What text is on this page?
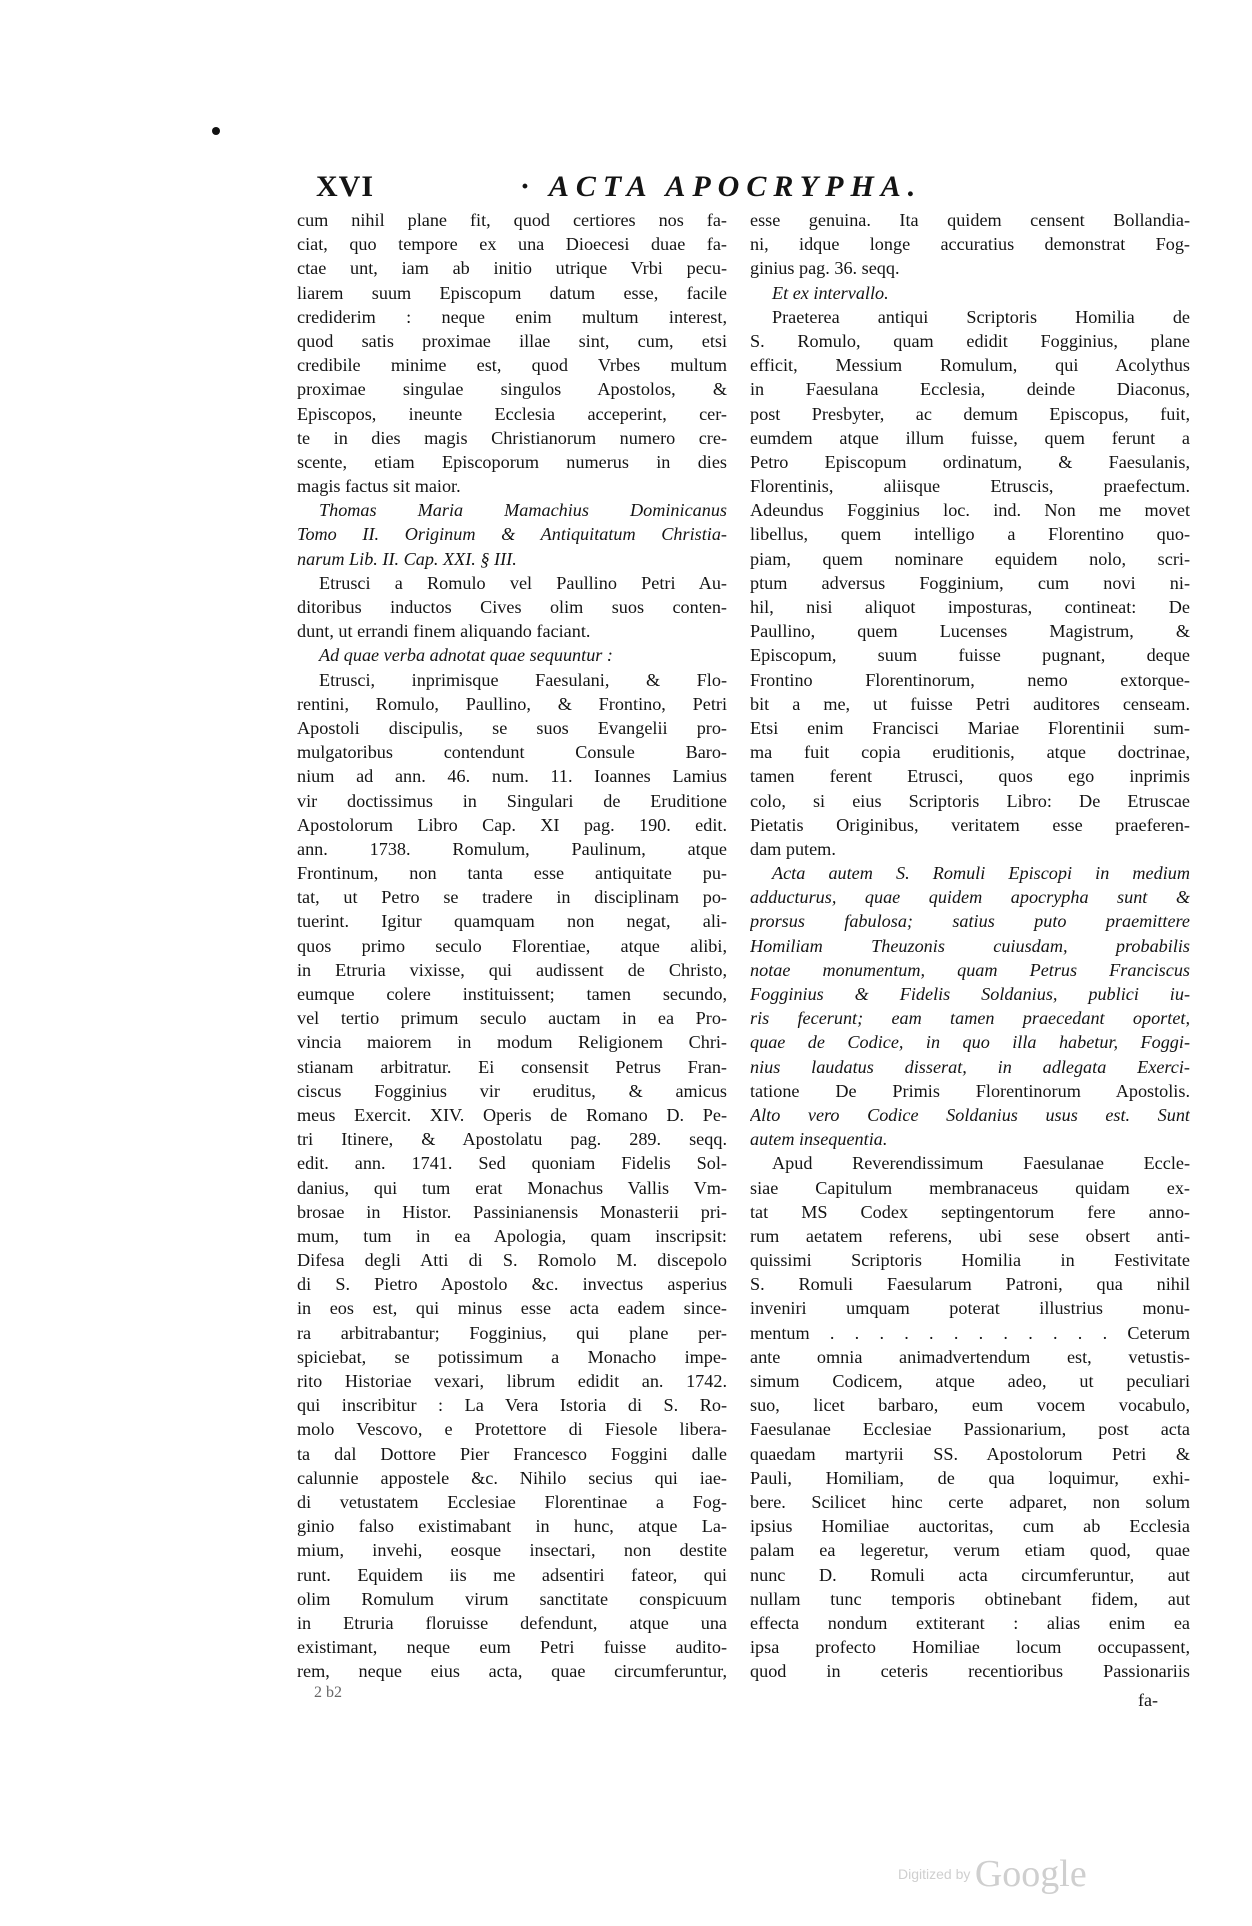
XVI	· ACTA APOCRYPHA.
cum nihil plane fit, quod certiores nos fa-
ciat, quo tempore ex una Dioecesi duae fa-
ctae unt, iam ab initio utrique Vrbi pecu-
liarem suum Episcopum datum esse, facile
crediderim : neque enim multum interest,
quod satis proximae illae sint, cum, etsi
credibile minime est, quod Vrbes multum
proximae singulae singulos Apostolos, &
Episcopos, ineunte Ecclesia acceperint, cer-
te in dies magis Christianorum numero cre-
scente, etiam Episcoporum numerus in dies
magis factus sit maior.
Thomas Maria Mamachius Dominicanus
Tomo II. Originum & Antiquitatum Christia-
narum Lib. II. Cap. XXI. § III.
Etrusci a Romulo vel Paullino Petri Au-
ditoribus inductos Cives olim suos conten-
dunt, ut errandi finem aliquando faciant.
Ad quae verba adnotat quae sequuntur :
Etrusci, inprimisque Faesulani, & Flo-
rentini, Romulo, Paullino, & Frontino, Petri
Apostoli discipulis, se suos Evangelii pro-
mulgatoribus contendunt Consule Baro-
nium ad ann. 46. num. 11. Ioannes Lamius
vir doctissimus in Singulari de Eruditione
Apostolorum Libro Cap. XI pag. 190. edit.
ann. 1738. Romulum, Paulinum, atque
Frontinum, non tanta esse antiquitate pu-
tat, ut Petro se tradere in disciplinam po-
tuerint. Igitur quamquam non negat, ali-
quos primo seculo Florentiae, atque alibi,
in Etruria vixisse, qui audissent de Christo,
eumque colere instituissent; tamen secundo,
vel tertio primum seculo auctam in ea Pro-
vincia maiorem in modum Religionem Chri-
stianam arbitratur. Ei consensit Petrus Fran-
ciscus Fogginius vir eruditus, & amicus
meus Exercit. XIV. Operis de Romano D. Pe-
tri Itinere, & Apostolatu pag. 289. seqq.
edit. ann. 1741. Sed quoniam Fidelis Sol-
danius, qui tum erat Monachus Vallis Vm-
brosae in Histor. Passinianensis Monasterii pri-
mum, tum in ea Apologia, quam inscripsit:
Difesa degli Atti di S. Romolo M. discepolo
di S. Pietro Apostolo &c. invectus asperius
in eos est, qui minus esse acta eadem since-
ra arbitrabantur; Fogginius, qui plane per-
spiciebat, se potissimum a Monacho impe-
rito Historiae vexari, librum edidit an. 1742.
qui inscribitur : La Vera Istoria di S. Ro-
molo Vescovo, e Protettore di Fiesole libera-
ta dal Dottore Pier Francesco Foggini dalle
calunnie appostele &c. Nihilo secius qui iae-
di vetustatem Ecclesiae Florentinae a Fog-
ginio falso existimabant in hunc, atque La-
mium, invehi, eosque insectari, non destite
runt. Equidem iis me adsentiri fateor, qui
olim Romulum virum sanctitate conspicuum
in Etruria floruisse defendunt, atque una
existimant, neque eum Petri fuisse audito-
rem, neque eius acta, quae circumferuntur,
esse genuina. Ita quidem censent Bollandia-
ni, idque longe accuratius demonstrat Fog-
ginius pag. 36. seqq.
Et ex intervallo.
Praeterea antiqui Scriptoris Homilia de
S. Romulo, quam edidit Fogginius, plane
efficit, Messium Romulum, qui Acolythus
in Faesulana Ecclesia, deinde Diaconus,
post Presbyter, ac demum Episcopus, fuit,
eumdem atque illum fuisse, quem ferunt a
Petro Episcopum ordinatum, & Faesulanis,
Florentinis, aliisque Etruscis, praefectum.
Adeundus Fogginius loc. ind. Non me movet
libellus, quem intelligo a Florentino quo-
piam, quem nominare equidem nolo, scri-
ptum adversus Fogginium, cum novi ni-
hil, nisi aliquot imposturas, contineat: De
Paullino, quem Lucenses Magistrum, &
Episcopum, suum fuisse pugnant, deque
Frontino Florentinorum, nemo extorque-
bit a me, ut fuisse Petri auditores censeam.
Etsi enim Francisci Mariae Florentinii sum-
ma fuit copia eruditionis, atque doctrinae,
tamen ferent Etrusci, quos ego inprimis
colo, si eius Scriptoris Libro: De Etruscae
Pietatis Originibus, veritatem esse praeferen-
dam putem.
Acta autem S. Romuli Episcopi in medium
adducturus, quae quidem apocrypha sunt &
prorsus fabulosa; satius puto praemittere
Homiliam Theuzonis cuiusdam, probabilis
notae monumentum, quam Petrus Franciscus
Fogginius & Fidelis Soldanius, publici iu-
ris fecerunt; eam tamen praecedant oportet,
quae de Codice, in quo illa habetur, Foggi-
nius laudatus disserat, in adlegata Exerci-
tatione De Primis Florentinorum Apostolis.
Alto vero Codice Soldanius usus est. Sunt
autem insequentia.
Apud Reverendissimum Faesulanae Eccle-
siae Capitulum membranaceus quidam ex-
tat MS Codex septingentorum fere anno-
rum aetatem referens, ubi sese obsert anti-
quissimi Scriptoris Homilia in Festivitate
S. Romuli Faesularum Patroni, qua nihil
inveniri umquam poterat illustrius monu-
mentum . . . . . . . . . . . . Ceterum
ante omnia animadvertendum est, vetustis-
simum Codicem, atque adeo, ut peculiari
suo, licet barbaro, eum vocem vocabulo,
Faesulanae Ecclesiae Passionarium, post acta
quaedam martyrii SS. Apostolorum Petri &
Pauli, Homiliam, de qua loquimur, exhi-
bere. Scilicet hinc certe adparet, non solum
ipsius Homiliae auctoritas, cum ab Ecclesia
palam ea legeretur, verum etiam quod, quae
nunc D. Romuli acta circumferuntur, aut
nullam tunc temporis obtinebant fidem, aut
effecta nondum extiterant : alias enim ea
ipsa profecto Homiliae locum occupassent,
quod in ceteris recentioribus Passionariis
2 b2	fa-
Digitized by Google
